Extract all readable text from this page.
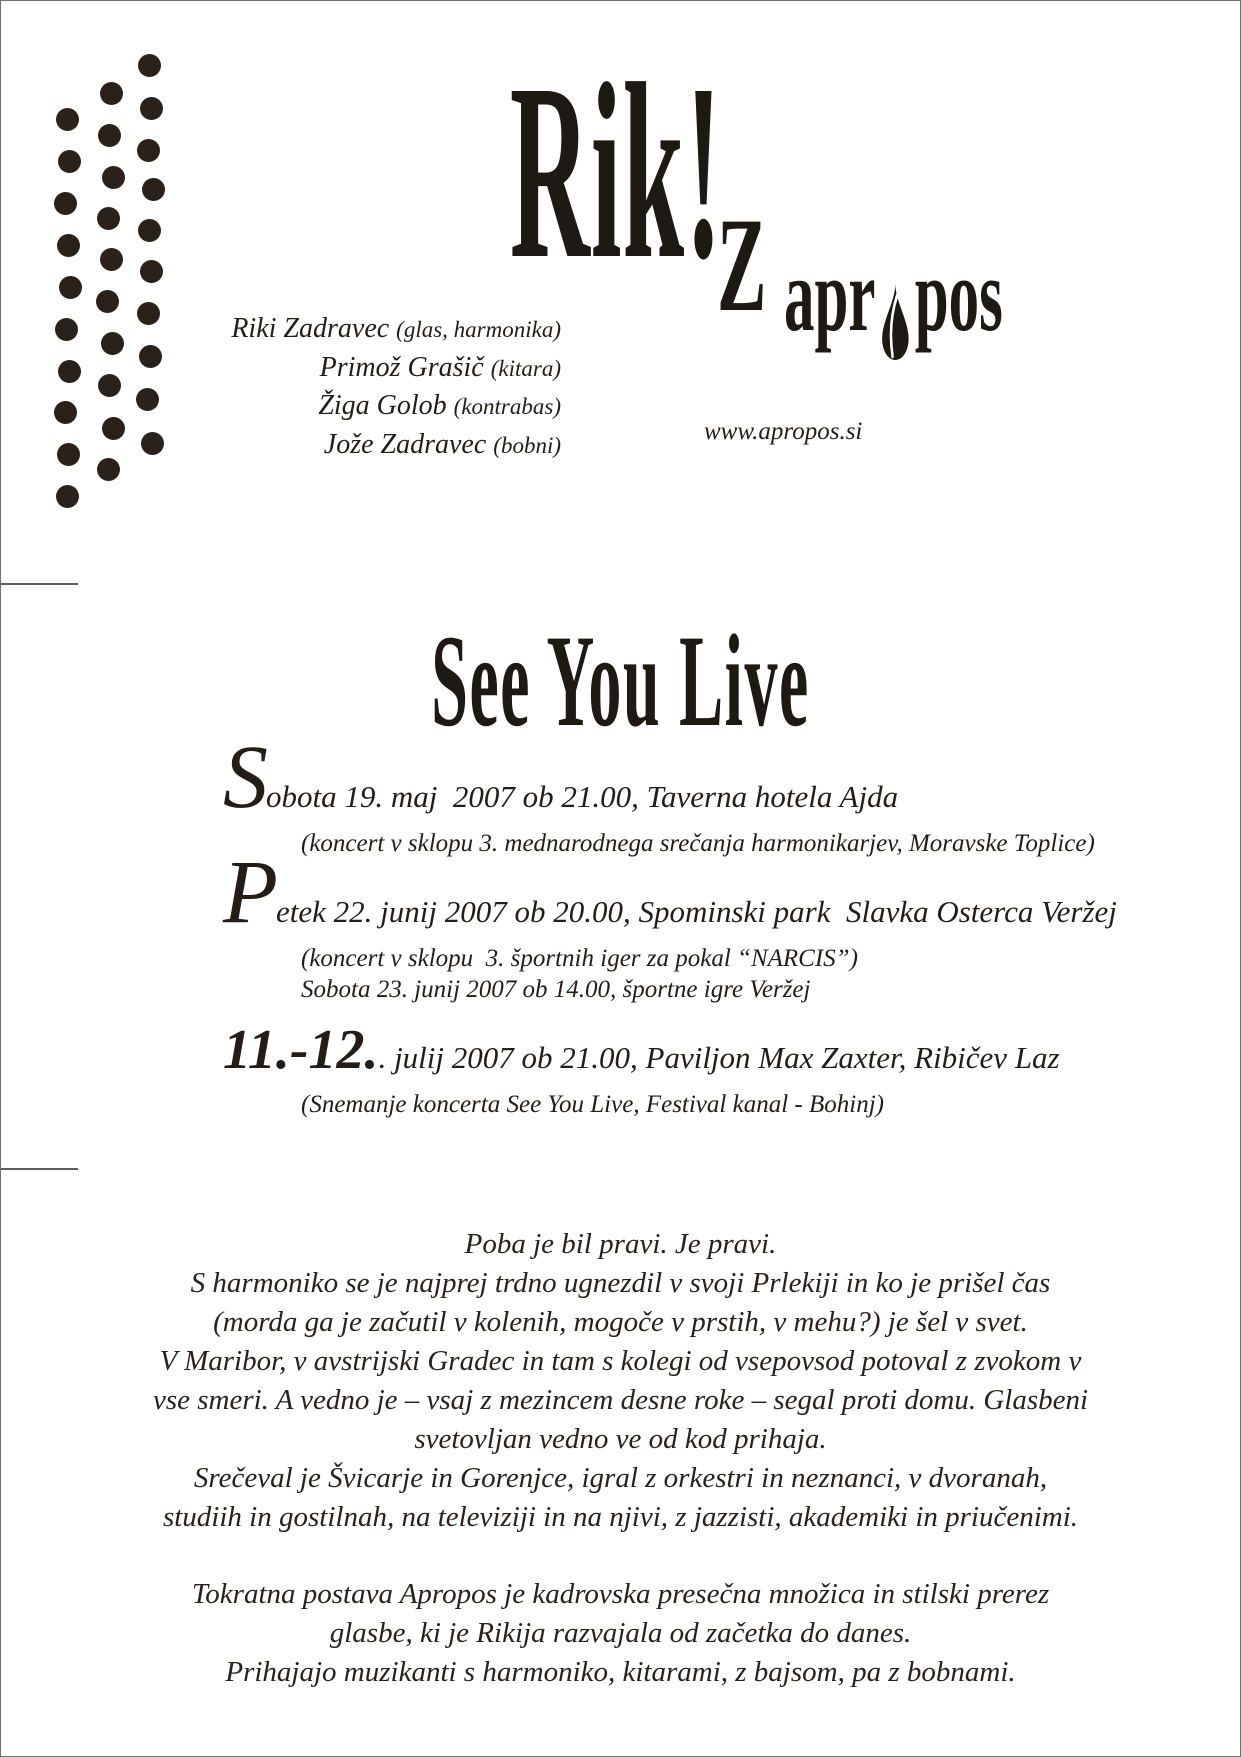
Rik!
Z apr pos
Riki Zadravec (glas, harmonika)
Primož Grašič (kitara)
Žiga Golob (kontrabas)
Jože Zadravec (bobni)	www.apropos.si
See You Live
Sobota 19. maj  2007 ob 21.00, Taverna hotela Ajda
(koncert v sklopu 3. mednarodnega srečanja harmonikarjev, Moravske Toplice)
Petek 22. junij 2007 ob 20.00, Spominski park  Slavka Osterca Veržej
(koncert v sklopu  3. športnih iger za pokal “NARCIS”)
Sobota 23. junij 2007 ob 14.00, športne igre Veržej
11.-12.. julij 2007 ob 21.00, Paviljon Max Zaxter, Ribičev Laz
(Snemanje koncerta See You Live, Festival kanal - Bohinj)
Poba je bil pravi. Je pravi.
S harmoniko se je najprej trdno ugnezdil v svoji Prlekiji in ko je prišel čas
(morda ga je začutil v kolenih, mogoče v prstih, v mehu?) je šel v svet.
V Maribor, v avstrijski Gradec in tam s kolegi od vsepovsod potoval z zvokom v
vse smeri. A vedno je – vsaj z mezincem desne roke – segal proti domu. Glasbeni
svetovljan vedno ve od kod prihaja.
Srečeval je Švicarje in Gorenjce, igral z orkestri in neznanci, v dvoranah,
studiih in gostilnah, na televiziji in na njivi, z jazzisti, akademiki in priučenimi.
Tokratna postava Apropos je kadrovska presečna množica in stilski prerez
glasbe, ki je Rikija razvajala od začetka do danes.
Prihajajo muzikanti s harmoniko, kitarami, z bajsom, pa z bobnami.
